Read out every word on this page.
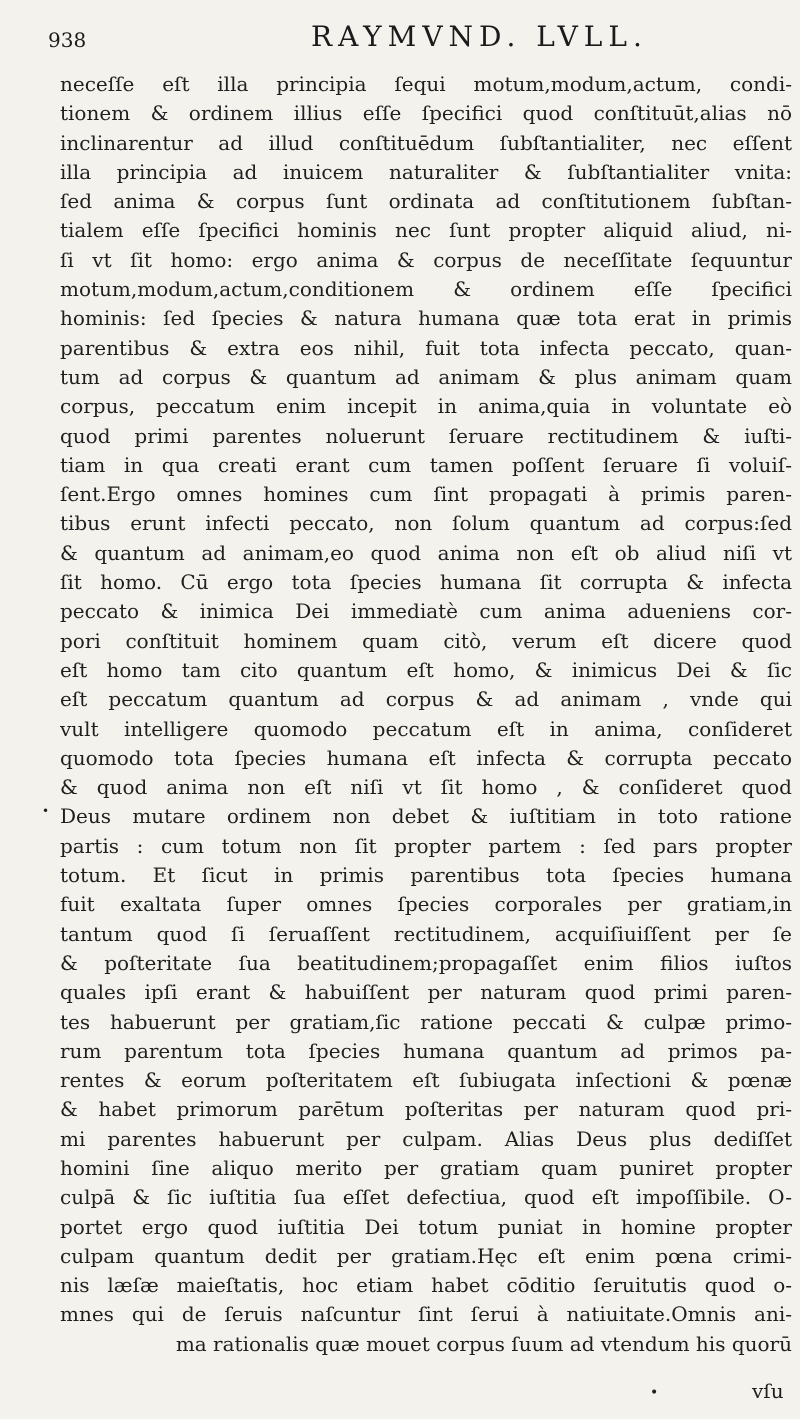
938	RAYMVND. LVLL.
•
neceſſe eſt illa principia ſequi motum,modum,actum, condi-
tionem & ordinem illius eſſe ſpecifici quod conſtituūt,alias nō
inclinarentur ad illud conſtituēdum ſubſtantialiter, nec eſſent
illa principia ad inuicem naturaliter & ſubſtantialiter vnita:
ſed anima & corpus ſunt ordinata ad conſtitutionem ſubſtan-
tialem eſſe ſpecifici hominis nec ſunt propter aliquid aliud, ni-
ſi vt ſit homo: ergo anima & corpus de neceſſitate ſequuntur
motum,modum,actum,conditionem & ordinem eſſe ſpecifici
hominis: ſed ſpecies & natura humana quæ tota erat in primis
parentibus & extra eos nihil, fuit tota infecta peccato, quan-
tum ad corpus & quantum ad animam & plus animam quam
corpus, peccatum enim incepit in anima,quia in voluntate eò
quod primi parentes noluerunt ſeruare rectitudinem & iuſti-
tiam in qua creati erant cum tamen poſſent ſeruare ſi voluiſ-
ſent.Ergo omnes homines cum ſint propagati à primis paren-
tibus erunt infecti peccato, non ſolum quantum ad corpus:ſed
& quantum ad animam,eo quod anima non eſt ob aliud niſi vt
ſit homo. Cū ergo tota ſpecies humana ſit corrupta & infecta
peccato & inimica Dei immediatè cum anima adueniens cor-
pori conſtituit hominem quam citò, verum eſt dicere quod
eſt homo tam cito quantum eſt homo, & inimicus Dei & ſic
eſt peccatum quantum ad corpus & ad animam , vnde qui
vult intelligere quomodo peccatum eſt in anima, conſideret
quomodo tota ſpecies humana eſt infecta & corrupta peccato
& quod anima non eſt niſi vt ſit homo , & conſideret quod
Deus mutare ordinem non debet & iuſtitiam in toto ratione
partis : cum totum non ſit propter partem : ſed pars propter
totum. Et ſicut in primis parentibus tota ſpecies humana
fuit exaltata ſuper omnes ſpecies corporales per gratiam,in
tantum quod ſi ſeruaſſent rectitudinem, acquiſiuiſſent per ſe
& poſteritate ſua beatitudinem;propagaſſet enim filios iuſtos
quales ipſi erant & habuiſſent per naturam quod primi paren-
tes habuerunt per gratiam,ſic ratione peccati & culpæ primo-
rum parentum tota ſpecies humana quantum ad primos pa-
rentes & eorum poſteritatem eſt ſubiugata inſectioni & pœnæ
& habet primorum parētum poſteritas per naturam quod pri-
mi parentes habuerunt per culpam. Alias Deus plus dediſſet
homini ſine aliquo merito per gratiam quam puniret propter
culpā & ſic iuſtitia ſua eſſet defectiua, quod eſt impoſſibile. O-
portet ergo quod iuſtitia Dei totum puniat in homine propter
culpam quantum dedit per gratiam.Hęc eſt enim pœna crimi-
nis læſæ maieſtatis, hoc etiam habet cōditio ſeruitutis quod o-
mnes qui de ſeruis naſcuntur ſint ſerui à natiuitate.Omnis ani-
ma rationalis quæ mouet corpus ſuum ad vtendum his quorū
•	vſu
